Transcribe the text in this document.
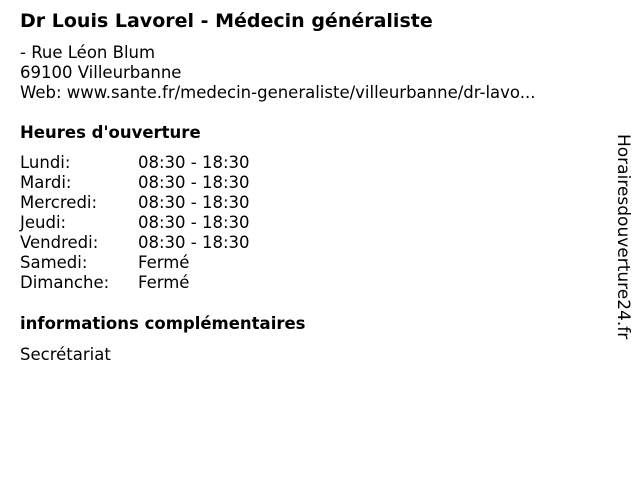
Dr Louis Lavorel - Médecin généraliste
- Rue Léon Blum
69100 Villeurbanne
Web: www.sante.fr/medecin-generaliste/villeurbanne/dr-lavo...
Heures d'ouverture
Lundi:	08:30 - 18:30
Mardi:	08:30 - 18:30
Mercredi:	08:30 - 18:30
Jeudi:	08:30 - 18:30
Vendredi:	08:30 - 18:30
Samedi:	Fermé
Dimanche:	Fermé
informations complémentaires
Secrétariat
Horairesdouverture24.fr
